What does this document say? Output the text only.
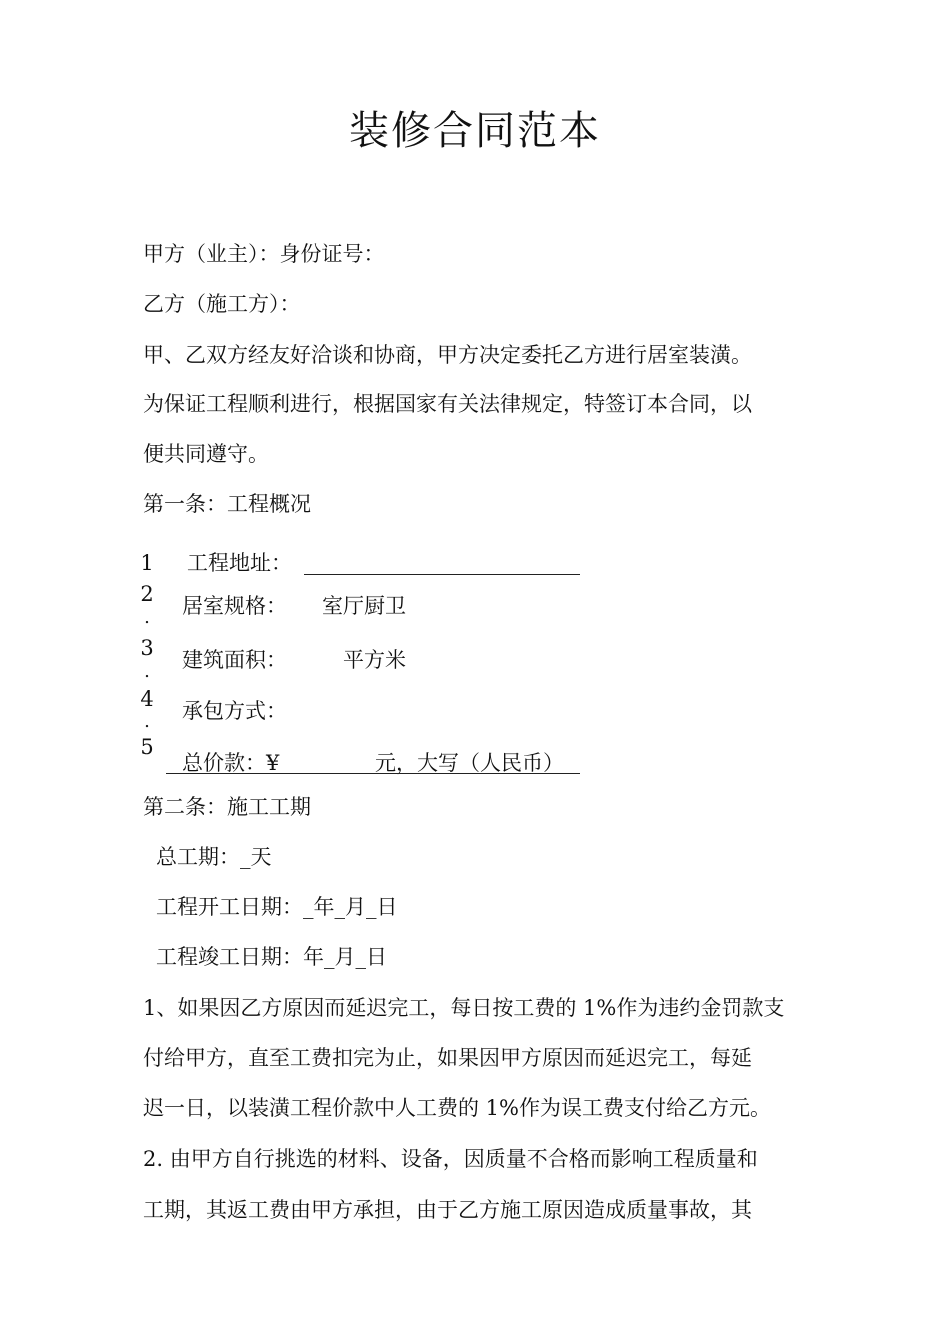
装修合同范本
甲方（业主）：身份证号：
乙方（施工方）：
甲、乙双方经友好洽谈和协商，甲方决定委托乙方进行居室装潢。
为保证工程顺利进行，根据国家有关法律规定，特签订本合同，以
便共同遵守。
第一条：工程概况
1 工程地址：
2
. 居室规格： 室厅厨卫
3
. 建筑面积：	平方米
4
. 承包方式：
5
总价款：¥	元，大写（人民币）
第二条：施工工期
总工期：_天
工程开工日期：_年_月_日
工程竣工日期：年_月_日
1、如果因乙方原因而延迟完工，每日按工费的 1%作为违约金罚款支
付给甲方，直至工费扣完为止，如果因甲方原因而延迟完工，每延
迟一日，以装潢工程价款中人工费的 1%作为误工费支付给乙方元。
2. 由甲方自行挑选的材料、设备，因质量不合格而影响工程质量和
工期，其返工费由甲方承担，由于乙方施工原因造成质量事故，其
